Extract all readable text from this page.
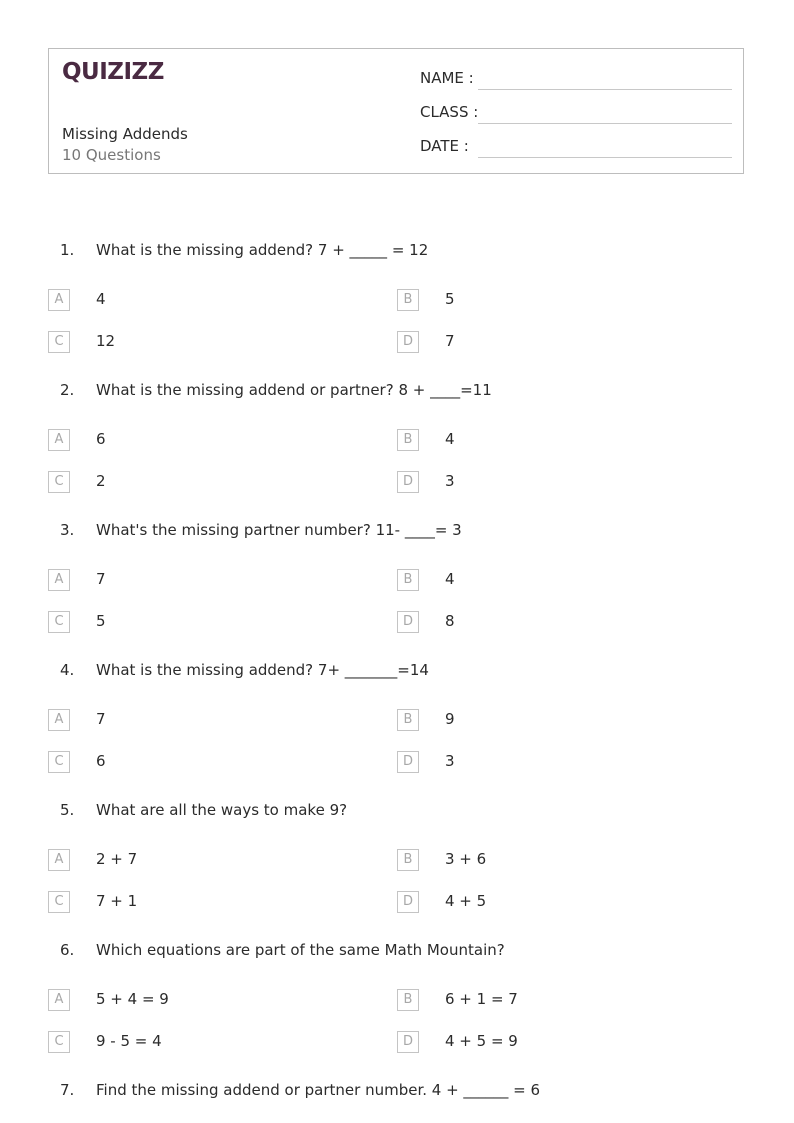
QUIZIZZ
Missing Addends
10 Questions
NAME :
CLASS :
DATE :
1. What is the missing addend? 7 + _____ = 12
A	4	B	5
C	12	D	7
2. What is the missing addend or partner? 8 + ____=11
A	6	B	4
C	2	D	3
3. What's the missing partner number? 11- ____= 3
A	7	B	4
C	5	D	8
4. What is the missing addend? 7+ _______=14
A	7	B	9
C	6	D	3
5. What are all the ways to make 9?
A	2 + 7	B	3 + 6
C	7 + 1	D	4 + 5
6. Which equations are part of the same Math Mountain?
A	5 + 4 = 9	B	6 + 1 = 7
C	9 - 5 = 4	D	4 + 5 = 9
7. Find the missing addend or partner number. 4 + ______ = 6
